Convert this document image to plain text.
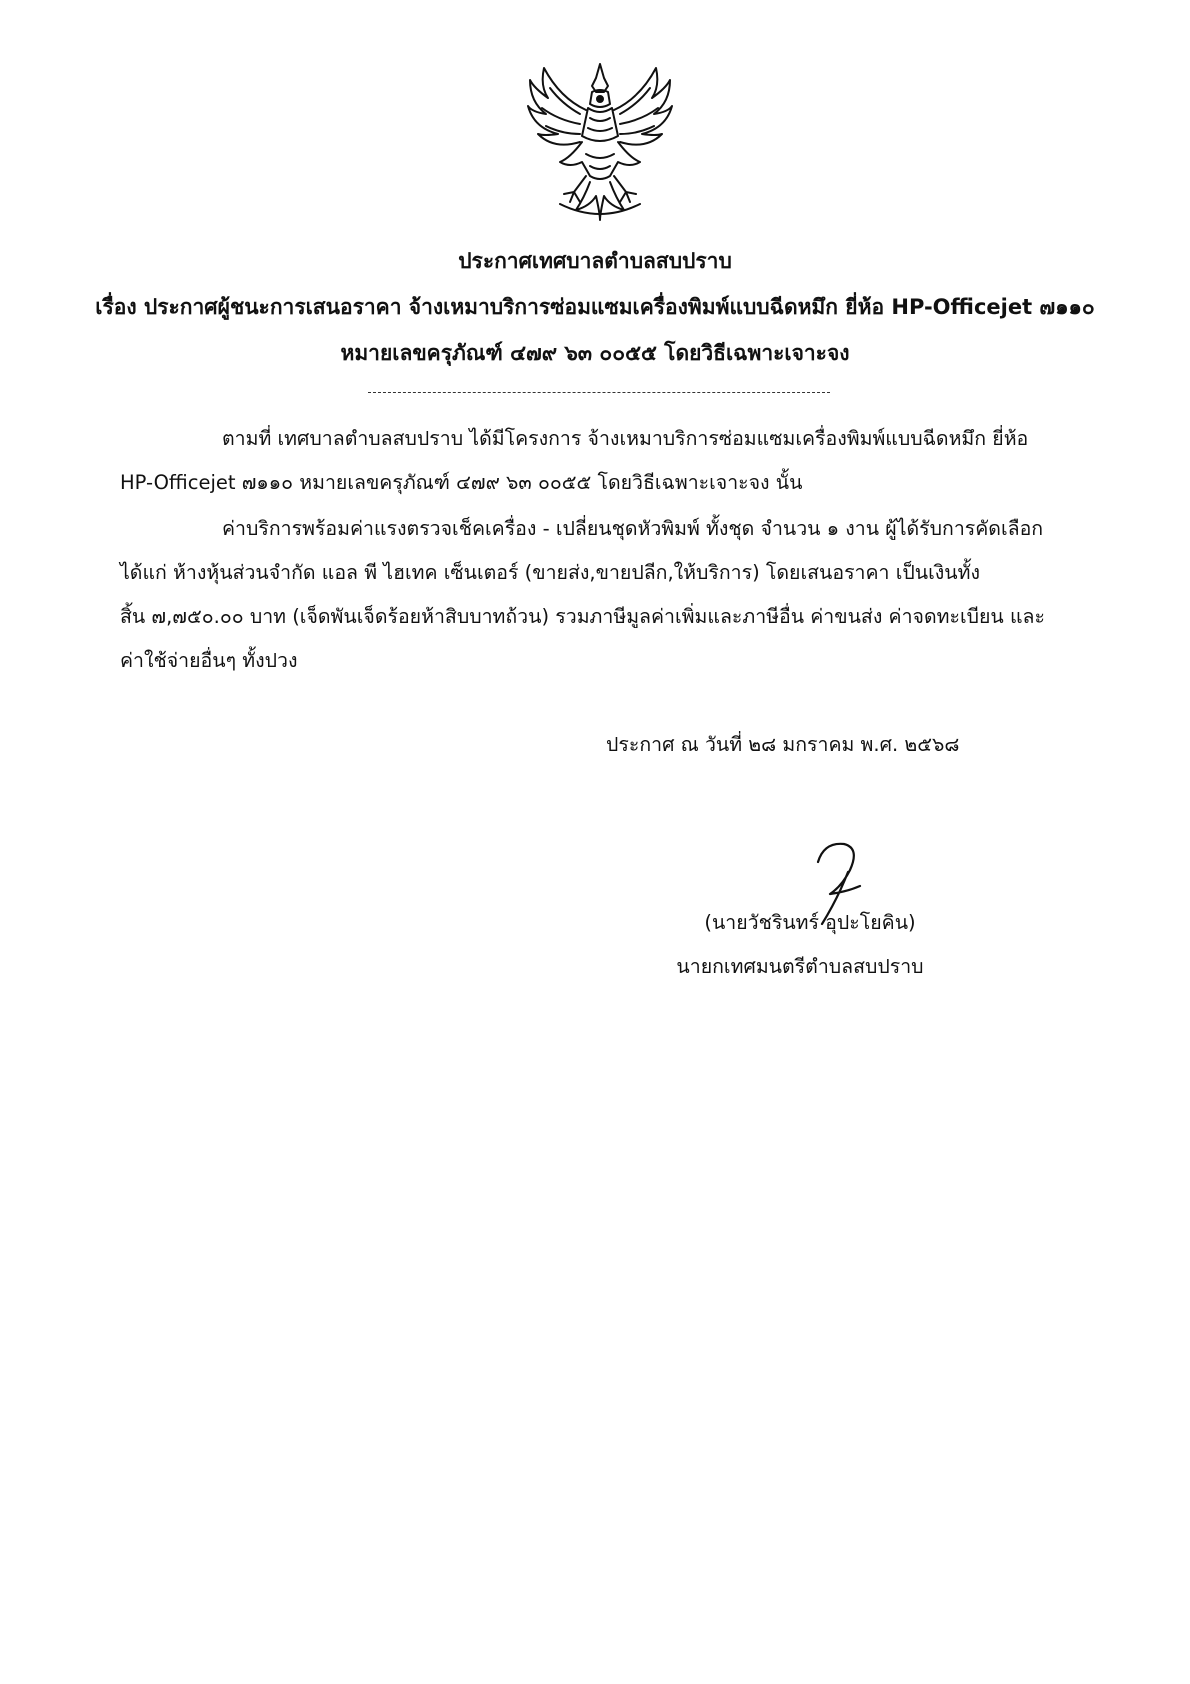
ประกาศเทศบาลตำบลสบปราบ
เรื่อง ประกาศผู้ชนะการเสนอราคา จ้างเหมาบริการซ่อมแซมเครื่องพิมพ์แบบฉีดหมึก ยี่ห้อ HP-Officejet ๗๑๑๐
หมายเลขครุภัณฑ์ ๔๗๙ ๖๓ ๐๐๕๕ โดยวิธีเฉพาะเจาะจง
ตามที่ เทศบาลตำบลสบปราบ ได้มีโครงการ จ้างเหมาบริการซ่อมแซมเครื่องพิมพ์แบบฉีดหมึก ยี่ห้อ
HP-Officejet ๗๑๑๐ หมายเลขครุภัณฑ์ ๔๗๙ ๖๓ ๐๐๕๕ โดยวิธีเฉพาะเจาะจง นั้น
ค่าบริการพร้อมค่าแรงตรวจเช็คเครื่อง - เปลี่ยนชุดหัวพิมพ์ ทั้งชุด จำนวน ๑ งาน ผู้ได้รับการคัดเลือก
ได้แก่ ห้างหุ้นส่วนจำกัด แอล พี ไฮเทค เซ็นเตอร์ (ขายส่ง,ขายปลีก,ให้บริการ) โดยเสนอราคา เป็นเงินทั้ง
สิ้น ๗,๗๕๐.๐๐ บาท (เจ็ดพันเจ็ดร้อยห้าสิบบาทถ้วน) รวมภาษีมูลค่าเพิ่มและภาษีอื่น ค่าขนส่ง ค่าจดทะเบียน และ
ค่าใช้จ่ายอื่นๆ ทั้งปวง
ประกาศ ณ วันที่ ๒๘ มกราคม พ.ศ. ๒๕๖๘
(นายวัชรินทร์ อุปะโยคิน)
นายกเทศมนตรีตำบลสบปราบ
